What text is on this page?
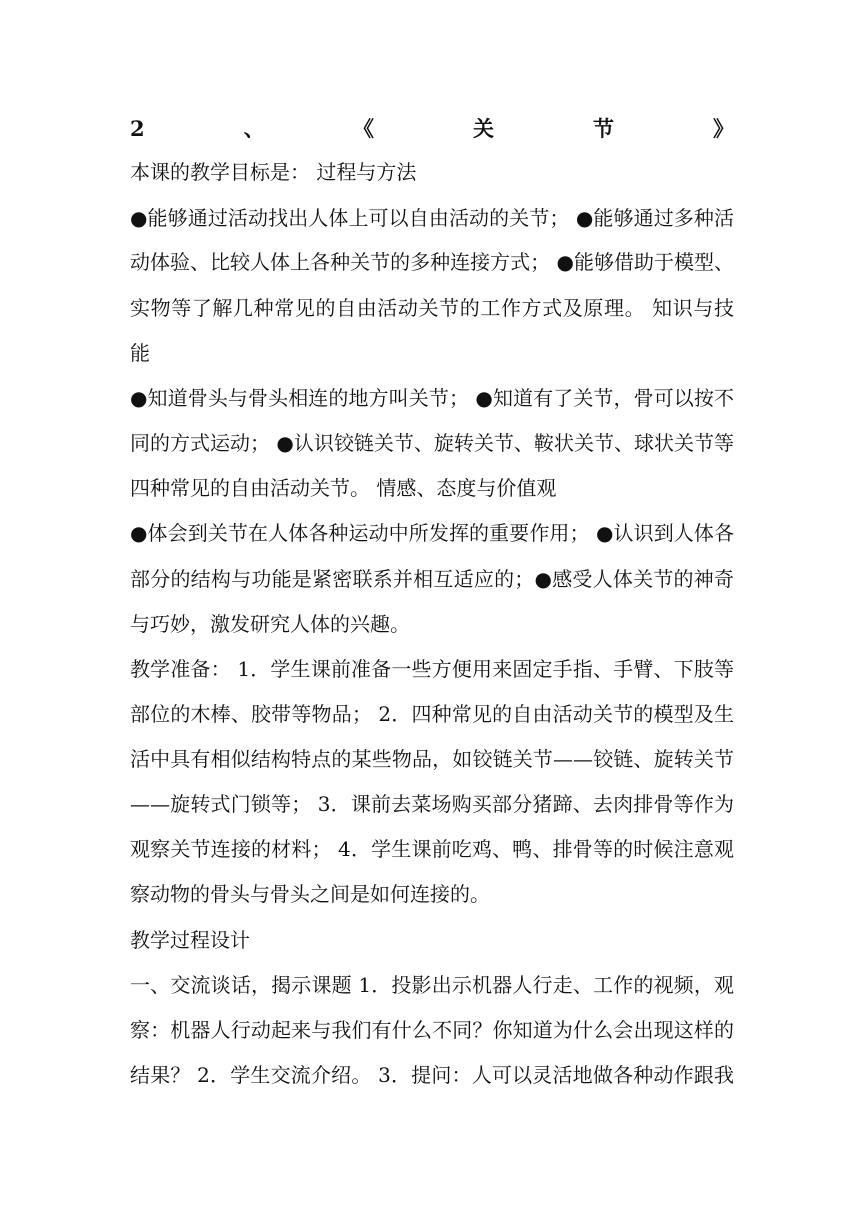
2、《关节》
本课的教学目标是： 过程与方法
●能够通过活动找出人体上可以自由活动的关节； ●能够通过多种活
动体验、比较人体上各种关节的多种连接方式； ●能够借助于模型、
实物等了解几种常见的自由活动关节的工作方式及原理。 知识与技
能
●知道骨头与骨头相连的地方叫关节； ●知道有了关节，骨可以按不
同的方式运动； ●认识铰链关节、旋转关节、鞍状关节、球状关节等
四种常见的自由活动关节。 情感、态度与价值观
●体会到关节在人体各种运动中所发挥的重要作用； ●认识到人体各
部分的结构与功能是紧密联系并相互适应的；●感受人体关节的神奇
与巧妙，激发研究人体的兴趣。
教学准备： 1．学生课前准备一些方便用来固定手指、手臂、下肢等
部位的木棒、胶带等物品； 2．四种常见的自由活动关节的模型及生
活中具有相似结构特点的某些物品，如铰链关节——铰链、旋转关节
——旋转式门锁等； 3．课前去菜场购买部分猪蹄、去肉排骨等作为
观察关节连接的材料； 4．学生课前吃鸡、鸭、排骨等的时候注意观
察动物的骨头与骨头之间是如何连接的。
教学过程设计
一、交流谈话，揭示课题 1．投影出示机器人行走、工作的视频，观
察：机器人行动起来与我们有什么不同？你知道为什么会出现这样的
结果？ 2．学生交流介绍。 3．提问：人可以灵活地做各种动作跟我
